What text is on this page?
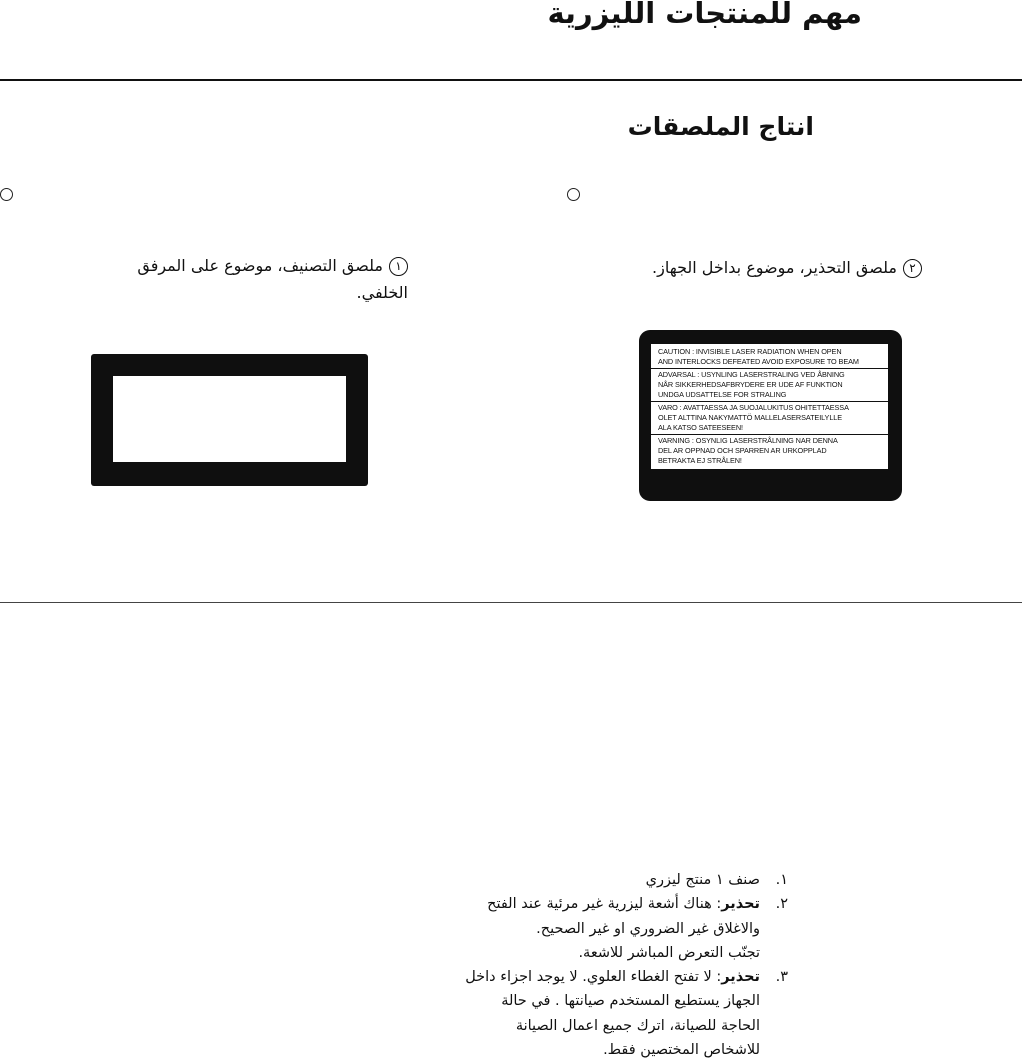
مهم للمنتجات الليزرية
انتاج الملصقات
١ملصق التصنيف، موضوع على المرفق
الخلفي.
٢ملصق التحذير، موضوع بداخل الجهاز.
CAUTION : INVISIBLE LASER RADIATION WHEN OPEN
AND INTERLOCKS DEFEATED AVOID EXPOSURE TO BEAM
ADVARSAL : USYNLING LASERSTRALING VED ÅBNING
NÅR SIKKERHEDSAFBRYDERE ER UDE AF FUNKTION
UNDGA UDSATTELSE FOR STRALING
VARO : AVATTAESSA JA SUOJALUKITUS OHITETTAESSA
OLET ALTTINA NAKYMATTÖ MALLELASERSATEILYLLE
ALA KATSO SATEESEEN!
VARNING : OSYNLIG LASERSTRÅLNING NAR DENNA
DEL AR OPPNAD OCH SPARREN AR URKOPPLAD
BETRAKTA EJ STRÅLEN!
١.
صنف ١ منتج ليزري
٢.
تحذير: هناك أشعة ليزرية غير مرئية عند الفتح
والاغلاق غير الضروري او غير الصحيح.
تجنّب التعرض المباشر للاشعة.
٣.
تحذير: لا تفتح الغطاء العلوي. لا يوجد اجزاء داخل
الجهاز يستطيع المستخدم صيانتها . في حالة
الحاجة للصيانة، اترك جميع اعمال الصيانة
للاشخاص المختصين فقط.
